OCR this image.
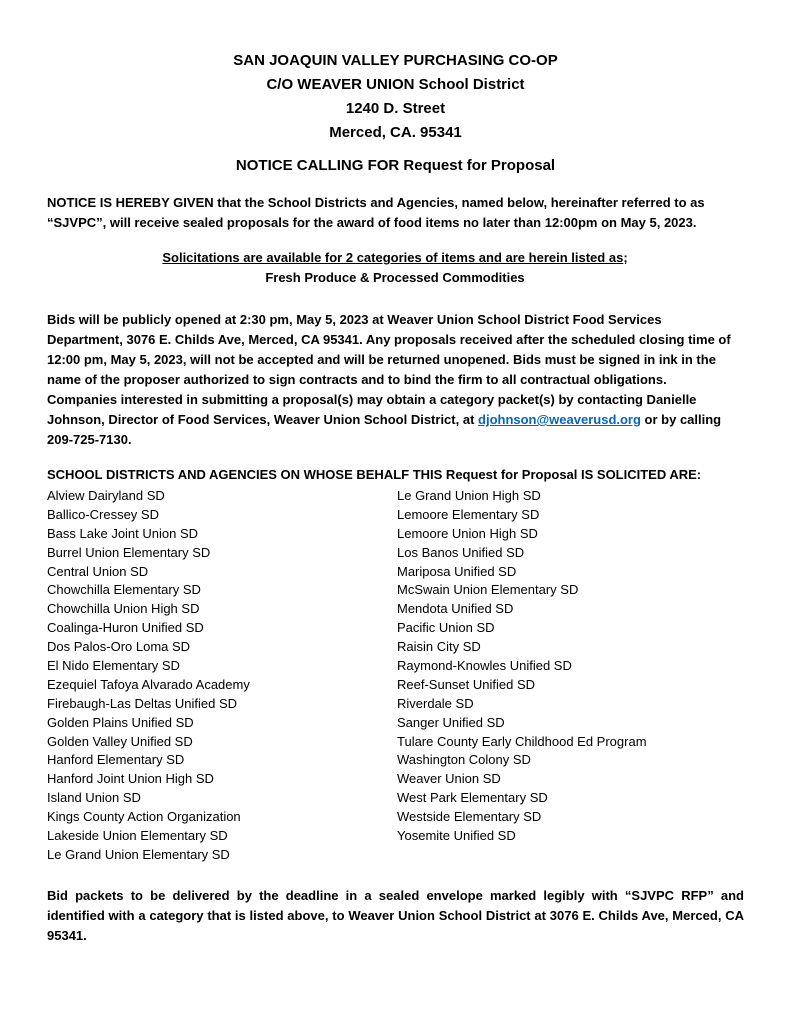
SAN JOAQUIN VALLEY PURCHASING CO-OP
C/O WEAVER UNION School District
1240 D. Street
Merced, CA. 95341
NOTICE CALLING FOR Request for Proposal
NOTICE IS HEREBY GIVEN that the School Districts and Agencies, named below, hereinafter referred to as “SJVPC”, will receive sealed proposals for the award of food items no later than 12:00pm on May 5, 2023.
Solicitations are available for 2 categories of items and are herein listed as;
Fresh Produce & Processed Commodities
Bids will be publicly opened at 2:30 pm, May 5, 2023 at Weaver Union School District Food Services Department, 3076 E. Childs Ave, Merced, CA 95341. Any proposals received after the scheduled closing time of 12:00 pm, May 5, 2023, will not be accepted and will be returned unopened. Bids must be signed in ink in the name of the proposer authorized to sign contracts and to bind the firm to all contractual obligations. Companies interested in submitting a proposal(s) may obtain a category packet(s) by contacting Danielle Johnson, Director of Food Services, Weaver Union School District, at djohnson@weaverusd.org or by calling 209-725-7130.
SCHOOL DISTRICTS AND AGENCIES ON WHOSE BEHALF THIS Request for Proposal IS SOLICITED ARE:
Alview Dairyland SD
Ballico-Cressey SD
Bass Lake Joint Union SD
Burrel Union Elementary SD
Central Union SD
Chowchilla Elementary SD
Chowchilla Union High SD
Coalinga-Huron Unified SD
Dos Palos-Oro Loma SD
El Nido Elementary SD
Ezequiel Tafoya Alvarado Academy
Firebaugh-Las Deltas Unified SD
Golden Plains Unified SD
Golden Valley Unified SD
Hanford Elementary SD
Hanford Joint Union High SD
Island Union SD
Kings County Action Organization
Lakeside Union Elementary SD
Le Grand Union Elementary SD
Le Grand Union High SD
Lemoore Elementary SD
Lemoore Union High SD
Los Banos Unified SD
Mariposa Unified SD
McSwain Union Elementary SD
Mendota Unified SD
Pacific Union SD
Raisin City SD
Raymond-Knowles Unified SD
Reef-Sunset Unified SD
Riverdale SD
Sanger Unified SD
Tulare County Early Childhood Ed Program
Washington Colony SD
Weaver Union SD
West Park Elementary SD
Westside Elementary SD
Yosemite Unified SD
Bid packets to be delivered by the deadline in a sealed envelope marked legibly with “SJVPC RFP” and identified with a category that is listed above, to Weaver Union School District at 3076 E. Childs Ave, Merced, CA 95341.
